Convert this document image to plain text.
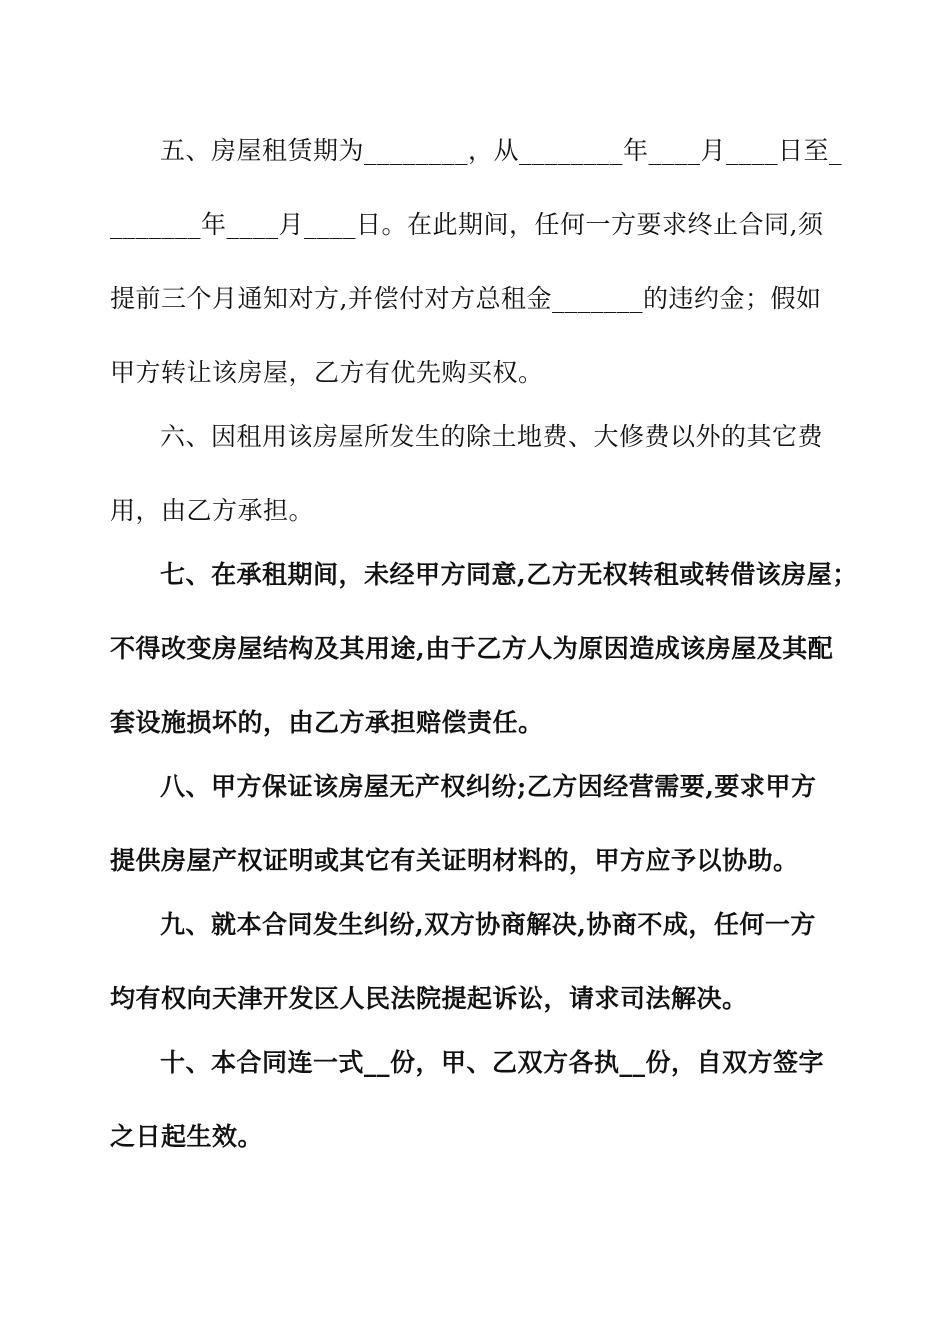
五、房屋租赁期为________，从________年____月____日至_

_______年____月____日。在此期间，任何一方要求终止合同,须

提前三个月通知对方,并偿付对方总租金_______的违约金；假如

甲方转让该房屋，乙方有优先购买权。

六、因租用该房屋所发生的除土地费、大修费以外的其它费

用，由乙方承担。

七、在承租期间，未经甲方同意,乙方无权转租或转借该房屋；

不得改变房屋结构及其用途,由于乙方人为原因造成该房屋及其配

套设施损坏的，由乙方承担赔偿责任。

八、甲方保证该房屋无产权纠纷;乙方因经营需要,要求甲方

提供房屋产权证明或其它有关证明材料的，甲方应予以协助。

九、就本合同发生纠纷,双方协商解决,协商不成，任何一方

均有权向天津开发区人民法院提起诉讼，请求司法解决。

十、本合同连一式__份，甲、乙双方各执__份，自双方签字

之日起生效。
